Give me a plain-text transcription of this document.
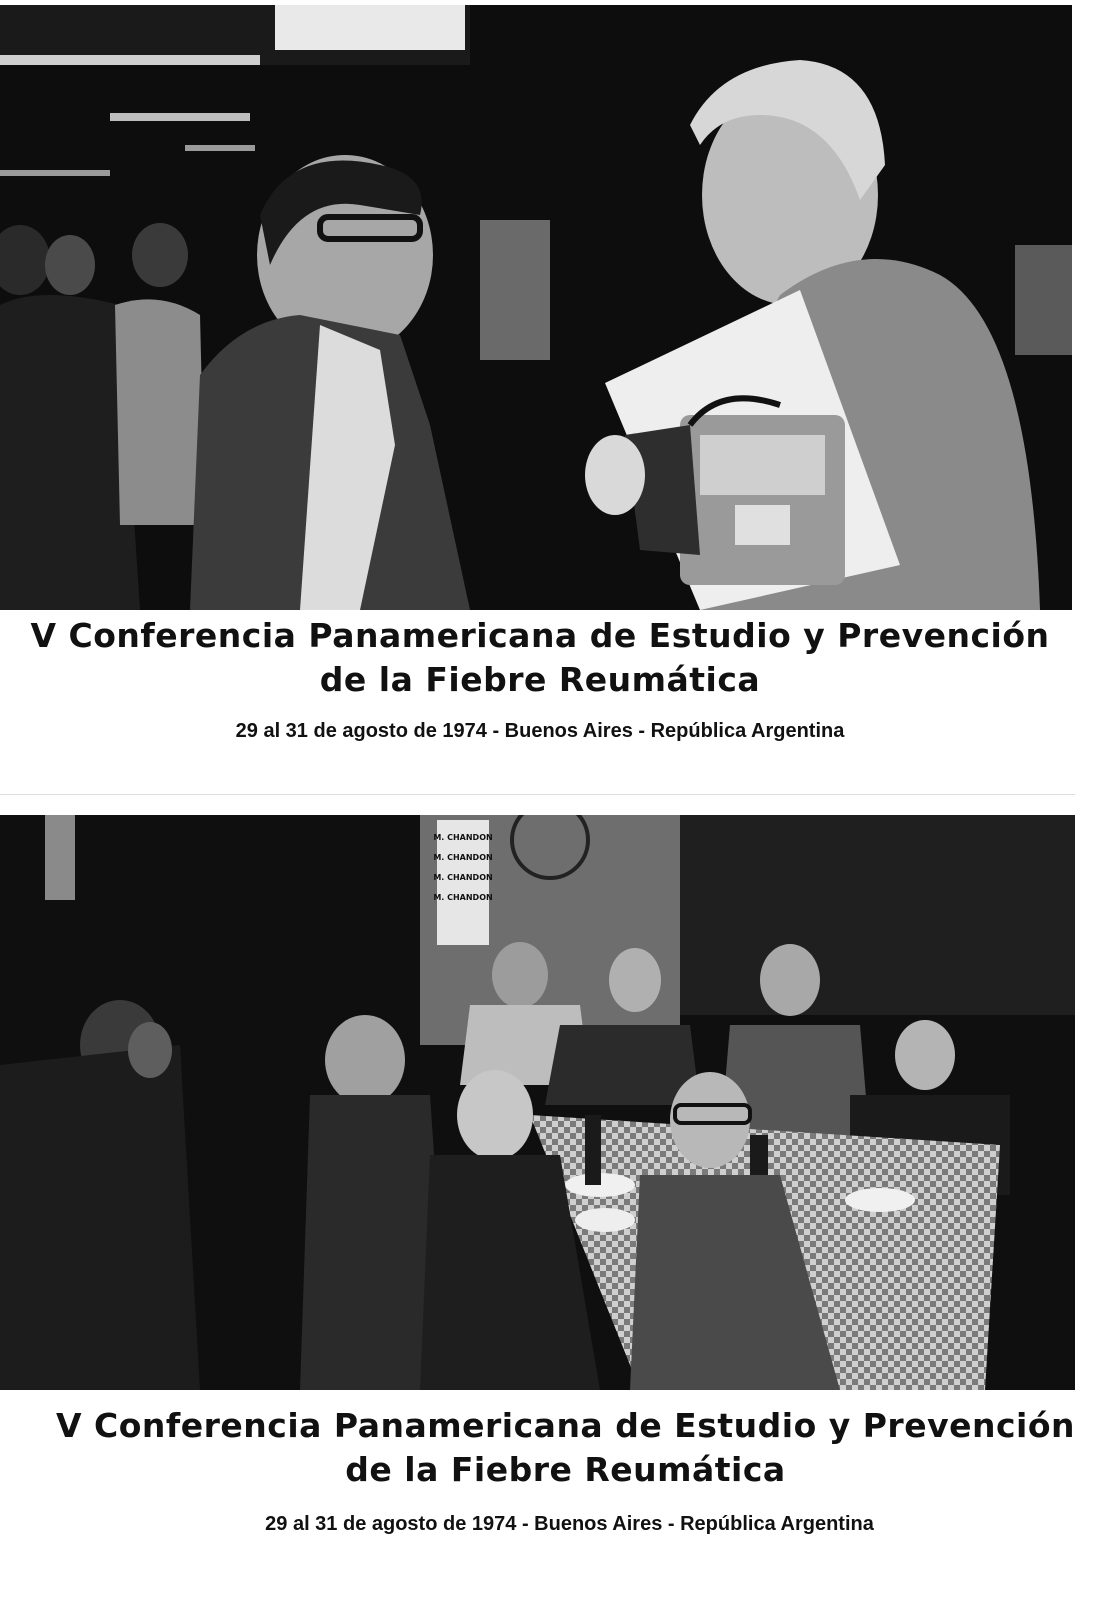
V Conferencia Panamericana de Estudio y Prevención
de la Fiebre Reumática
29 al 31 de agosto de 1974 - Buenos Aires - República Argentina
M. CHANDON
M. CHANDON
M. CHANDON
M. CHANDON
V Conferencia Panamericana de Estudio y Prevención
de la Fiebre Reumática
29 al 31 de agosto de 1974 - Buenos Aires - República Argentina
